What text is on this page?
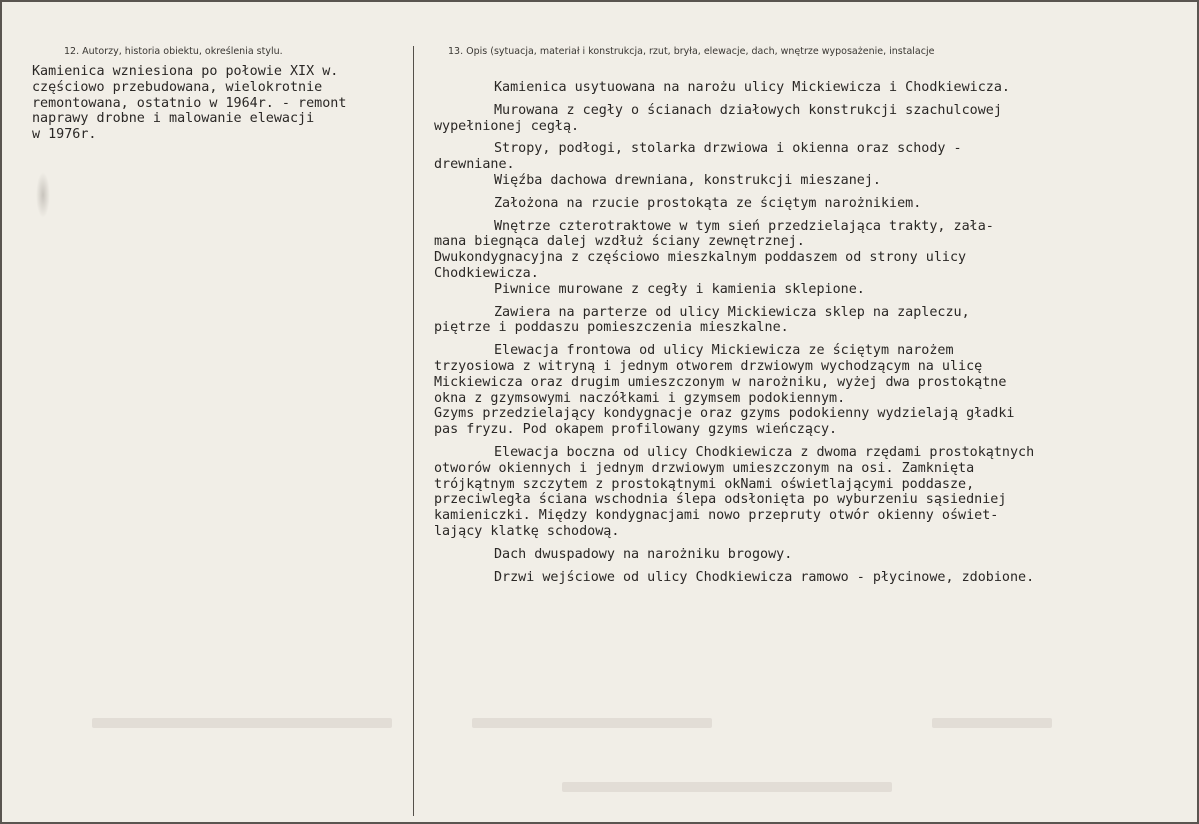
12. Autorzy, historia obiektu, określenia stylu.	13. Opis (sytuacja, materiał i konstrukcja, rzut, bryła, elewacje, dach, wnętrze wyposażenie, instalacje
Kamienica wzniesiona po połowie XIX w.
częściowo przebudowana, wielokrotnie
remontowana, ostatnio w 1964r. - remont
naprawy drobne i malowanie elewacji
w 1976r.
Kamienica usytuowana na narożu ulicy Mickiewicza i Chodkiewicza.
Murowana z cegły o ścianach działowych konstrukcji szachulcowej
wypełnionej cegłą.
Stropy, podłogi, stolarka drzwiowa i okienna oraz schody -
drewniane.
Więźba dachowa drewniana, konstrukcji mieszanej.
Założona na rzucie prostokąta ze ściętym narożnikiem.
Wnętrze czterotraktowe w tym sień przedzielająca trakty, zała-
mana biegnąca dalej wzdłuż ściany zewnętrznej.
Dwukondygnacyjna z częściowo mieszkalnym poddaszem od strony ulicy
Chodkiewicza.
Piwnice murowane z cegły i kamienia sklepione.
Zawiera na parterze od ulicy Mickiewicza sklep na zapleczu,
piętrze i poddaszu pomieszczenia mieszkalne.
Elewacja frontowa od ulicy Mickiewicza ze ściętym narożem
trzyosiowa z witryną i jednym otworem drzwiowym wychodzącym na ulicę
Mickiewicza oraz drugim umieszczonym w narożniku, wyżej dwa prostokątne
okna z gzymsowymi naczółkami i gzymsem podokiennym.
Gzyms przedzielający kondygnacje oraz gzyms podokienny wydzielają gładki
pas fryzu. Pod okapem profilowany gzyms wieńczący.
Elewacja boczna od ulicy Chodkiewicza z dwoma rzędami prostokątnych
otworów okiennych i jednym drzwiowym umieszczonym na osi. Zamknięta
trójkątnym szczytem z prostokątnymi okNami oświetlającymi poddasze,
przeciwległa ściana wschodnia ślepa odsłonięta po wyburzeniu sąsiedniej
kamieniczki. Między kondygnacjami nowo przepruty otwór okienny oświet-
lający klatkę schodową.
Dach dwuspadowy na narożniku brogowy.
Drzwi wejściowe od ulicy Chodkiewicza ramowo - płycinowe, zdobione.
